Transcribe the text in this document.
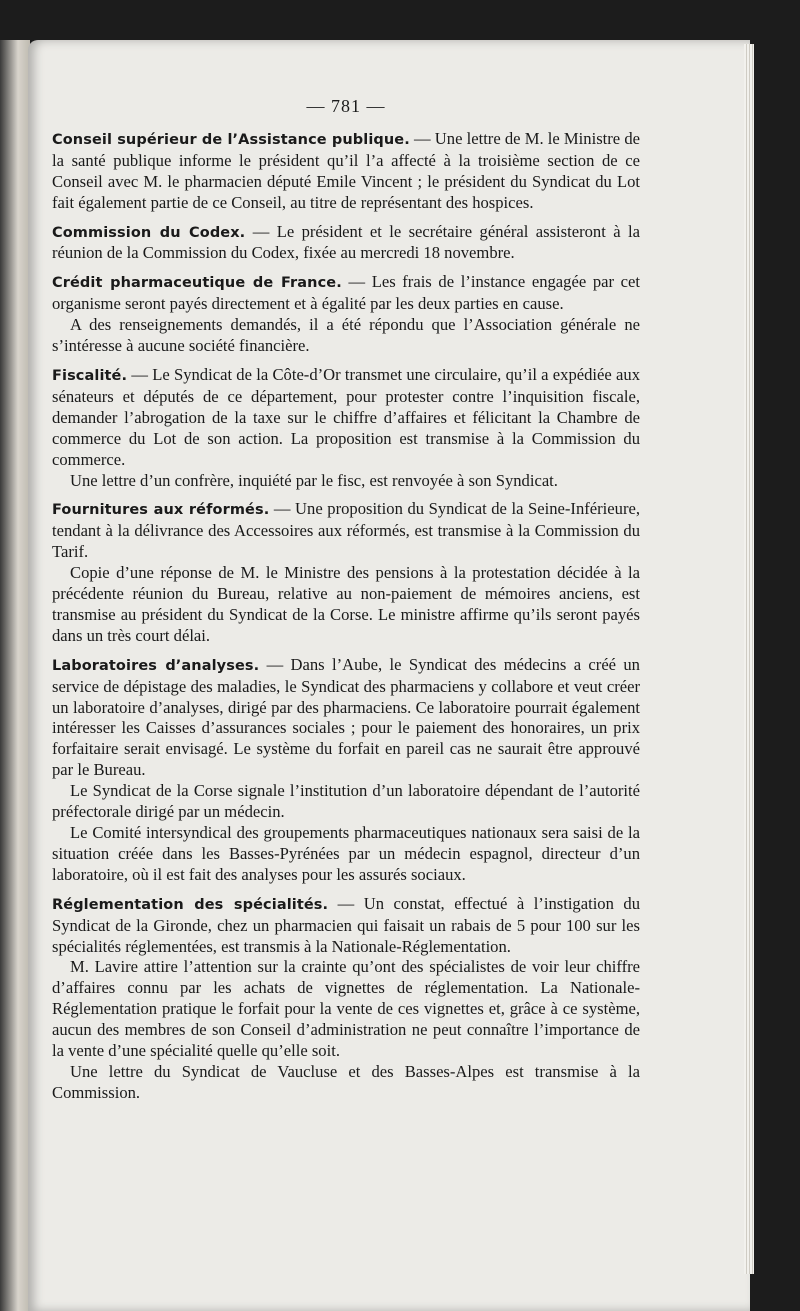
— 781 —

Conseil supérieur de l’Assistance publique. — Une lettre de M. le Ministre de la santé publique informe le président qu’il l’a affecté à la troisième section de ce Conseil avec M. le pharmacien député Emile Vincent ; le président du Syndicat du Lot fait également partie de ce Conseil, au titre de représentant des hospices.

Commission du Codex. — Le président et le secrétaire général assisteront à la réunion de la Commission du Codex, fixée au mercredi 18 novembre.

Crédit pharmaceutique de France. — Les frais de l’instance engagée par cet organisme seront payés directement et à égalité par les deux parties en cause.

A des renseignements demandés, il a été répondu que l’Association générale ne s’intéresse à aucune société financière.

Fiscalité. — Le Syndicat de la Côte-d’Or transmet une circulaire, qu’il a expédiée aux sénateurs et députés de ce département, pour protester contre l’inquisition fiscale, demander l’abrogation de la taxe sur le chiffre d’affaires et félicitant la Chambre de commerce du Lot de son action. La proposition est transmise à la Commission du commerce.

Une lettre d’un confrère, inquiété par le fisc, est renvoyée à son Syndicat.

Fournitures aux réformés. — Une proposition du Syndicat de la Seine-Inférieure, tendant à la délivrance des Accessoires aux réformés, est transmise à la Commission du Tarif.

Copie d’une réponse de M. le Ministre des pensions à la protestation décidée à la précédente réunion du Bureau, relative au non-paiement de mémoires anciens, est transmise au président du Syndicat de la Corse. Le ministre affirme qu’ils seront payés dans un très court délai.

Laboratoires d’analyses. — Dans l’Aube, le Syndicat des médecins a créé un service de dépistage des maladies, le Syndicat des pharmaciens y collabore et veut créer un laboratoire d’analyses, dirigé par des pharmaciens. Ce laboratoire pourrait également intéresser les Caisses d’assurances sociales ; pour le paiement des honoraires, un prix forfaitaire serait envisagé. Le système du forfait en pareil cas ne saurait être approuvé par le Bureau.

Le Syndicat de la Corse signale l’institution d’un laboratoire dépendant de l’autorité préfectorale dirigé par un médecin.

Le Comité intersyndical des groupements pharmaceutiques nationaux sera saisi de la situation créée dans les Basses-Pyrénées par un médecin espagnol, directeur d’un laboratoire, où il est fait des analyses pour les assurés sociaux.

Réglementation des spécialités. — Un constat, effectué à l’instigation du Syndicat de la Gironde, chez un pharmacien qui faisait un rabais de 5 pour 100 sur les spécialités réglementées, est transmis à la Nationale-Réglementation.

M. Lavire attire l’attention sur la crainte qu’ont des spécialistes de voir leur chiffre d’affaires connu par les achats de vignettes de réglementation. La Nationale-Réglementation pratique le forfait pour la vente de ces vignettes et, grâce à ce système, aucun des membres de son Conseil d’administration ne peut connaître l’importance de la vente d’une spécialité quelle qu’elle soit.

Une lettre du Syndicat de Vaucluse et des Basses-Alpes est transmise à la Commission.
